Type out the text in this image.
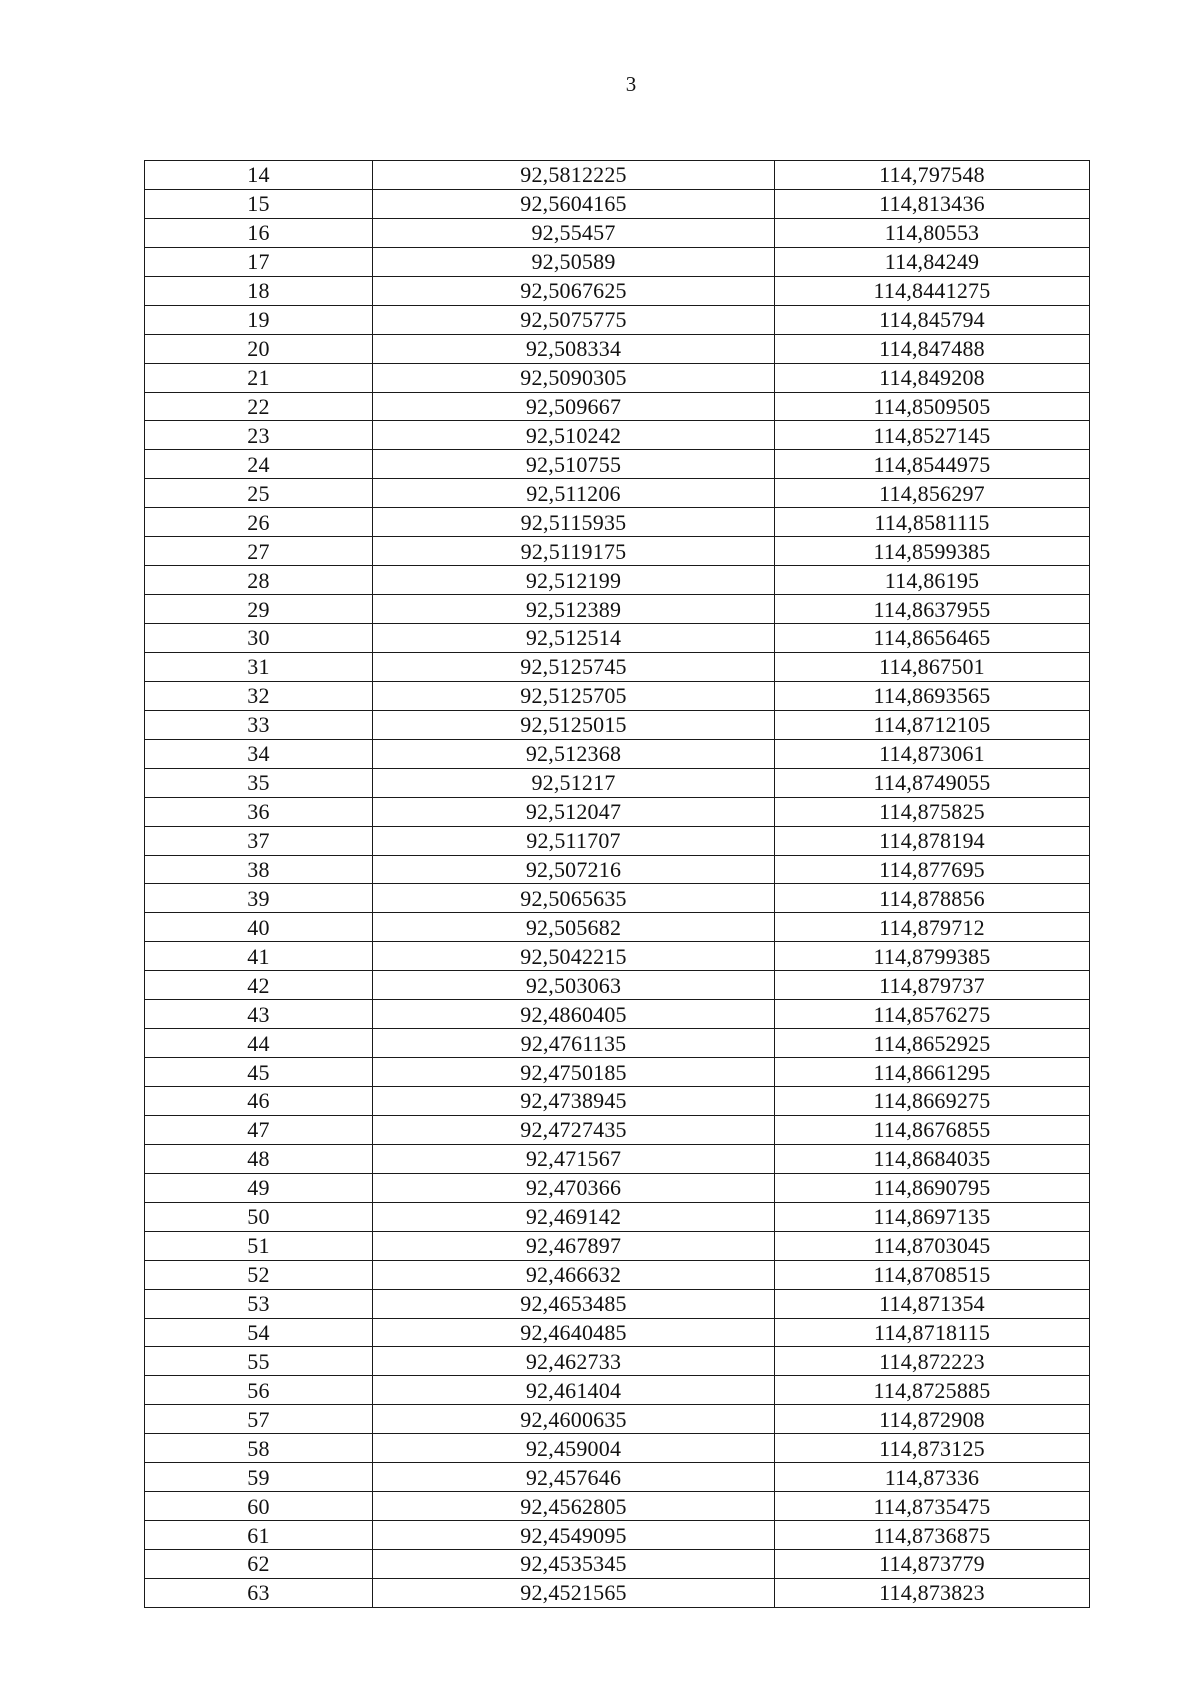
3
14	92,5812225	114,797548
15	92,5604165	114,813436
16	92,55457	114,80553
17	92,50589	114,84249
18	92,5067625	114,8441275
19	92,5075775	114,845794
20	92,508334	114,847488
21	92,5090305	114,849208
22	92,509667	114,8509505
23	92,510242	114,8527145
24	92,510755	114,8544975
25	92,511206	114,856297
26	92,5115935	114,8581115
27	92,5119175	114,8599385
28	92,512199	114,86195
29	92,512389	114,8637955
30	92,512514	114,8656465
31	92,5125745	114,867501
32	92,5125705	114,8693565
33	92,5125015	114,8712105
34	92,512368	114,873061
35	92,51217	114,8749055
36	92,512047	114,875825
37	92,511707	114,878194
38	92,507216	114,877695
39	92,5065635	114,878856
40	92,505682	114,879712
41	92,5042215	114,8799385
42	92,503063	114,879737
43	92,4860405	114,8576275
44	92,4761135	114,8652925
45	92,4750185	114,8661295
46	92,4738945	114,8669275
47	92,4727435	114,8676855
48	92,471567	114,8684035
49	92,470366	114,8690795
50	92,469142	114,8697135
51	92,467897	114,8703045
52	92,466632	114,8708515
53	92,4653485	114,871354
54	92,4640485	114,8718115
55	92,462733	114,872223
56	92,461404	114,8725885
57	92,4600635	114,872908
58	92,459004	114,873125
59	92,457646	114,87336
60	92,4562805	114,8735475
61	92,4549095	114,8736875
62	92,4535345	114,873779
63	92,4521565	114,873823
